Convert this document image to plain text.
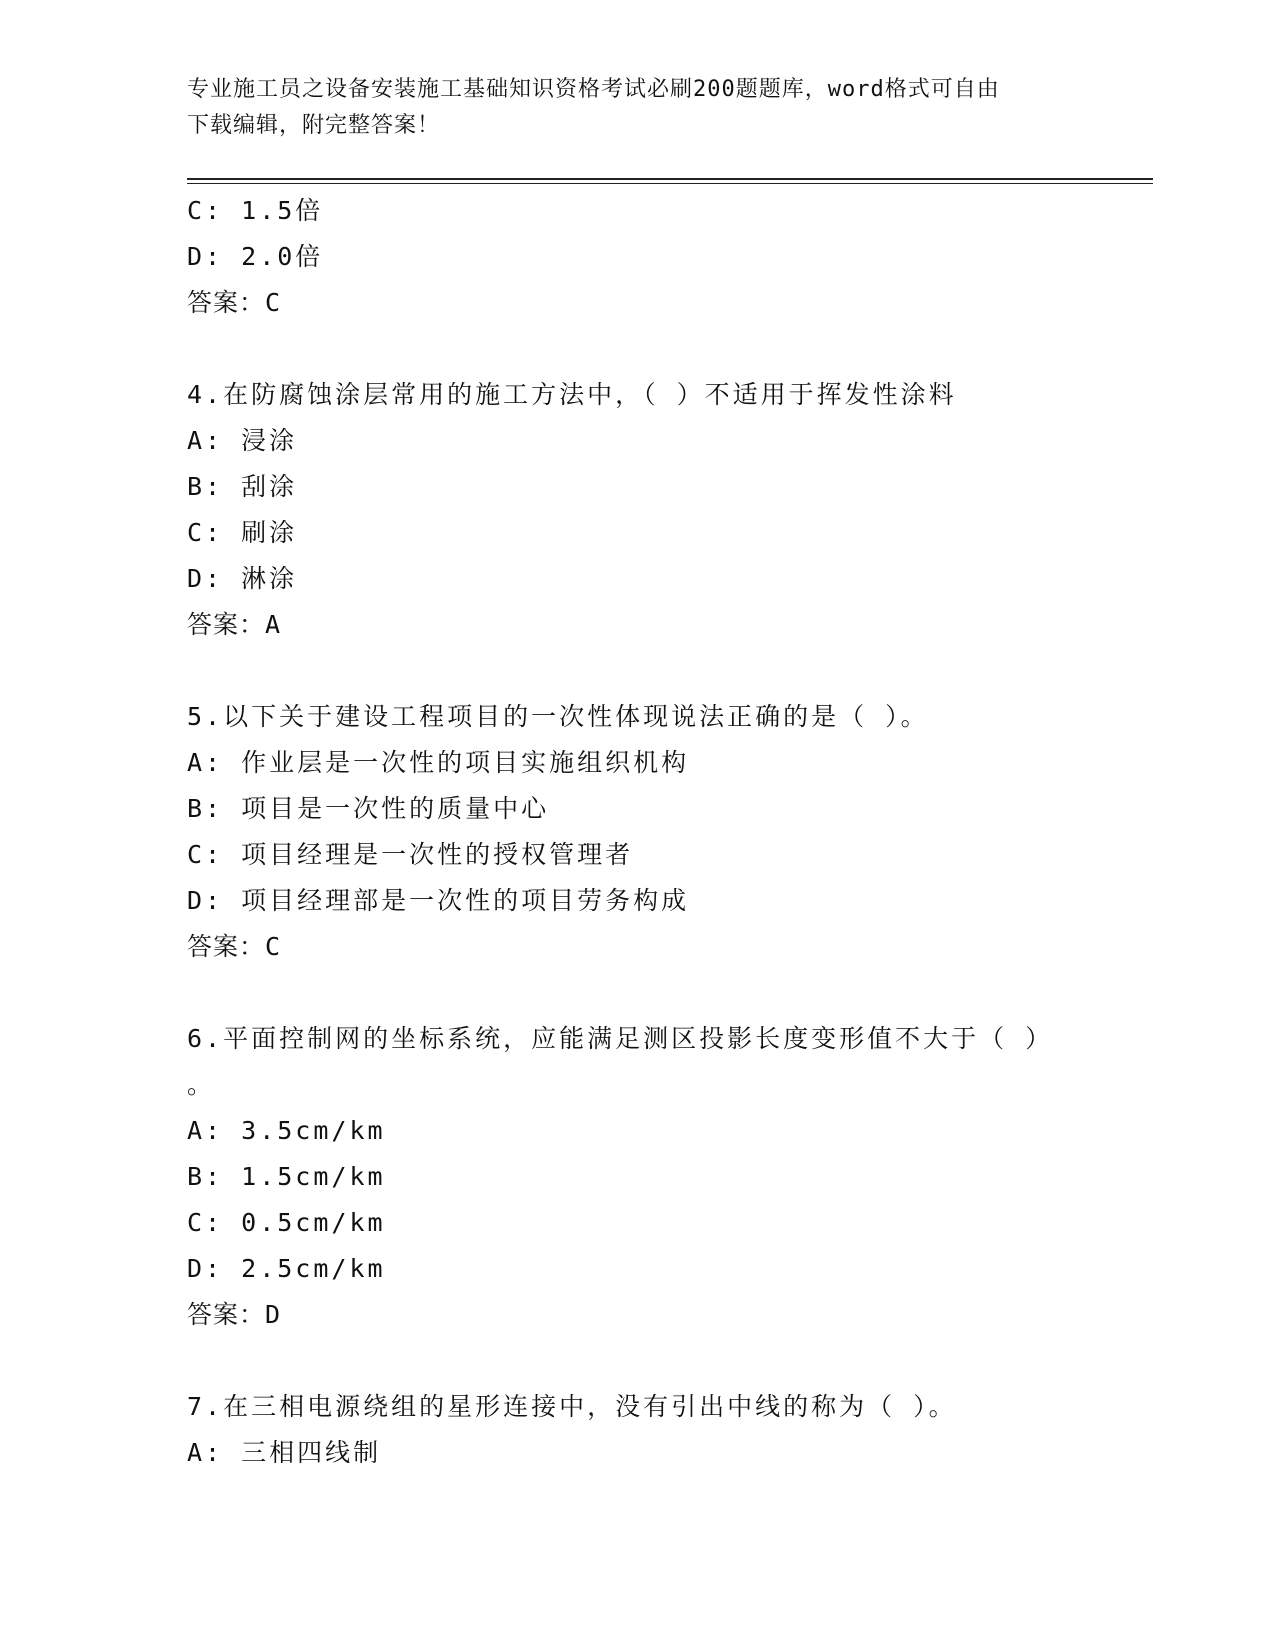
专业施工员之设备安装施工基础知识资格考试必刷200题题库，word格式可自由
下载编辑，附完整答案！
C: 1.5倍
D: 2.0倍
答案：C
4.在防腐蚀涂层常用的施工方法中，（ ）不适用于挥发性涂料
A: 浸涂
B: 刮涂
C: 刷涂
D: 淋涂
答案：A
5.以下关于建设工程项目的一次性体现说法正确的是（ ）。
A: 作业层是一次性的项目实施组织机构
B: 项目是一次性的质量中心
C: 项目经理是一次性的授权管理者
D: 项目经理部是一次性的项目劳务构成
答案：C
6.平面控制网的坐标系统，应能满足测区投影长度变形值不大于（ ）
。
A: 3.5cm/km
B: 1.5cm/km
C: 0.5cm/km
D: 2.5cm/km
答案：D
7.在三相电源绕组的星形连接中，没有引出中线的称为（ ）。
A: 三相四线制
